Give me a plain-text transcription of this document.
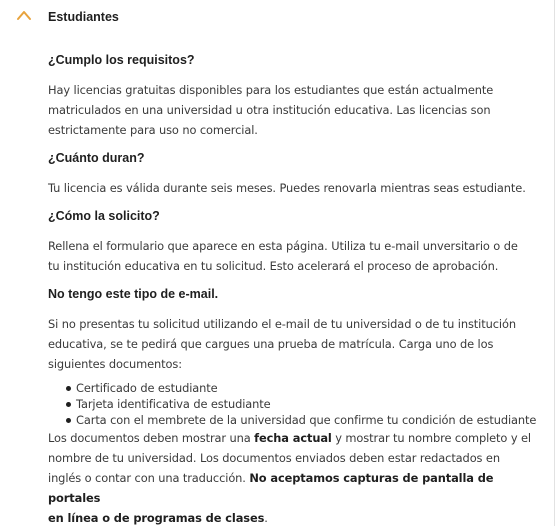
Estudiantes

¿Cumplo los requisitos?

Hay licencias gratuitas disponibles para los estudiantes que están actualmente

matriculados en una universidad u otra institución educativa. Las licencias son

estrictamente para uso no comercial.

¿Cuánto duran?

Tu licencia es válida durante seis meses. Puedes renovarla mientras seas estudiante.

¿Cómo la solicito?

Rellena el formulario que aparece en esta página. Utiliza tu e-mail unversitario o de

tu institución educativa en tu solicitud. Esto acelerará el proceso de aprobación.

No tengo este tipo de e-mail.

Si no presentas tu solicitud utilizando el e-mail de tu universidad o de tu institución

educativa, se te pedirá que cargues una prueba de matrícula. Carga uno de los

siguientes documentos:

Certificado de estudiante
Tarjeta identificativa de estudiante
Carta con el membrete de la universidad que confirme tu condición de estudiante

Los documentos deben mostrar una fecha actual y mostrar tu nombre completo y el

nombre de tu universidad. Los documentos enviados deben estar redactados en

inglés o contar con una traducción. No aceptamos capturas de pantalla de portales

en línea o de programas de clases.
